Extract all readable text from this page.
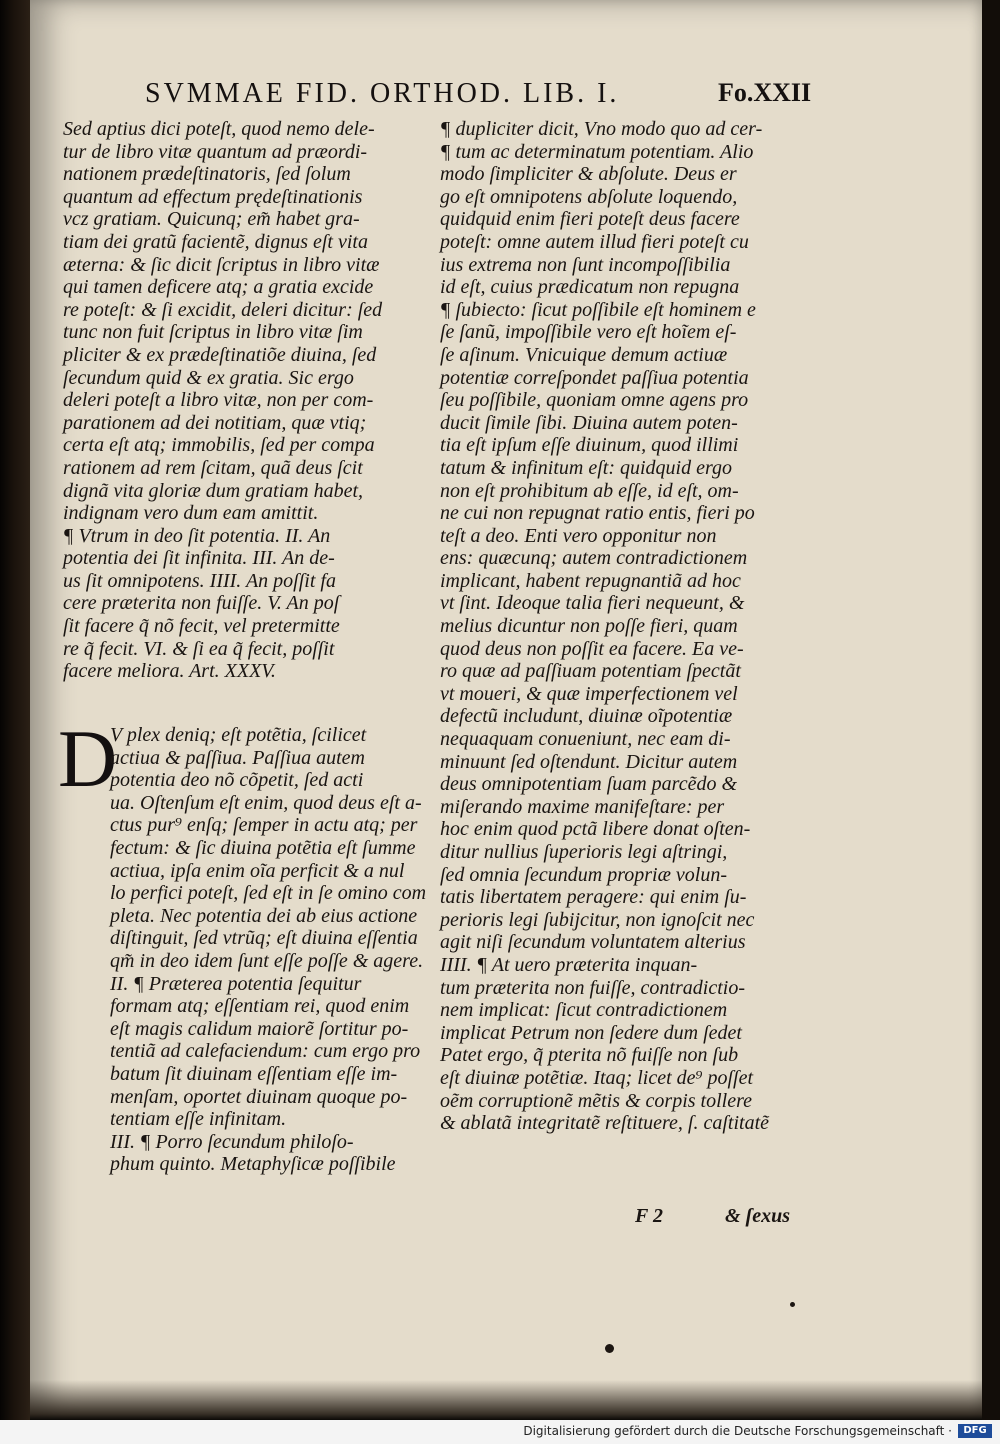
SVMMAE FID. ORTHOD. LIB. I.	Fo.XXII
Sed aptius dici poteſt, quod nemo dele-
tur de libro vitæ quantum ad præordi-
nationem prædeſtinatoris, ſed ſolum
quantum ad effectum prędeſtinationis
vcz gratiam. Quicunq; em̃ habet gra-
tiam dei gratũ facientẽ, dignus eſt vita
æterna: & ſic dicit ſcriptus in libro vitæ
qui tamen deficere atq; a gratia excide
re poteſt: & ſi excidit, deleri dicitur: ſed
tunc non fuit ſcriptus in libro vitæ ſim
pliciter & ex prædeſtinatiõe diuina, ſed
ſecundum quid & ex gratia. Sic ergo
deleri poteſt a libro vitæ, non per com-
parationem ad dei notitiam, quæ vtiq;
certa eſt atq; immobilis, ſed per compa
rationem ad rem ſcitam, quã deus ſcit
dignã vita gloriæ dum gratiam habet,
indignam vero dum eam amittit.
¶ Vtrum in deo ſit potentia. II. An
potentia dei ſit infinita. III. An de-
us ſit omnipotens. IIII. An poſſit fa
cere præterita non fuiſſe. V. An poſ
ſit facere q̃ nõ fecit, vel pretermitte
re q̃ fecit. VI. & ſi ea q̃ fecit, poſſit
facere meliora. Art. XXXV.
D
V plex deniq; eſt potẽtia, ſcilicet
actiua & paſſiua. Paſſiua autem
potentia deo nõ cõpetit, ſed acti
ua. Oſtenſum eſt enim, quod deus eſt a-
ctus pur⁹ enſq; ſemper in actu atq; per
fectum: & ſic diuina potẽtia eſt ſumme
actiua, ipſa enim oĩa perficit & a nul
lo perfici poteſt, ſed eſt in ſe omino com
pleta. Nec potentia dei ab eius actione
diſtinguit, ſed vtrũq; eſt diuina eſſentia
qm̃ in deo idem ſunt eſſe poſſe & agere.
II. ¶ Præterea potentia ſequitur
formam atq; eſſentiam rei, quod enim
eſt magis calidum maiorẽ ſortitur po-
tentiã ad calefaciendum: cum ergo pro
batum ſit diuinam eſſentiam eſſe im-
menſam, oportet diuinam quoque po-
tentiam eſſe infinitam.
III. ¶ Porro ſecundum philoſo-
phum quinto. Metaphyſicæ poſſibile
¶ dupliciter dicit, Vno modo quo ad cer-
¶ tum ac determinatum potentiam. Alio
modo ſimpliciter & abſolute. Deus er
go eſt omnipotens abſolute loquendo,
quidquid enim fieri poteſt deus facere
poteſt: omne autem illud fieri poteſt cu
ius extrema non ſunt incompoſſibilia
id eſt, cuius prædicatum non repugna
¶ ſubiecto: ſicut poſſibile eſt hominem e
ſe ſanũ, impoſſibile vero eſt hoĩem eſ-
ſe aſinum. Vnicuique demum actiuæ
potentiæ correſpondet paſſiua potentia
ſeu poſſibile, quoniam omne agens pro
ducit ſimile ſibi. Diuina autem poten-
tia eſt ipſum eſſe diuinum, quod illimi
tatum & infinitum eſt: quidquid ergo
non eſt prohibitum ab eſſe, id eſt, om-
ne cui non repugnat ratio entis, fieri po
teſt a deo. Enti vero opponitur non
ens: quæcunq; autem contradictionem
implicant, habent repugnantiã ad hoc
vt ſint. Ideoque talia fieri nequeunt, &
melius dicuntur non poſſe fieri, quam
quod deus non poſſit ea facere. Ea ve-
ro quæ ad paſſiuam potentiam ſpectãt
vt moueri, & quæ imperfectionem vel
defectũ includunt, diuinæ oĩpotentiæ
nequaquam conueniunt, nec eam di-
minuunt ſed oſtendunt. Dicitur autem
deus omnipotentiam ſuam parcẽdo &
miſerando maxime manifeſtare: per
hoc enim quod pctã libere donat oſten-
ditur nullius ſuperioris legi aſtringi,
ſed omnia ſecundum propriæ volun-
tatis libertatem peragere: qui enim ſu-
perioris legi ſubijcitur, non ignoſcit nec
agit niſi ſecundum voluntatem alterius
IIII. ¶ At uero præterita inquan-
tum præterita non fuiſſe, contradictio-
nem implicat: ſicut contradictionem
implicat Petrum non ſedere dum ſedet
Patet ergo, q̃ pterita nõ fuiſſe non ſub
eſt diuinæ potẽtiæ. Itaq; licet de⁹ poſſet
oẽm corruptionẽ mẽtis & corpis tollere
& ablatã integritatẽ reſtituere, ſ. caſtitatẽ
F 2	& ſexus
Digitalisierung gefördert durch die Deutsche Forschungsgemeinschaft ·	DFG
